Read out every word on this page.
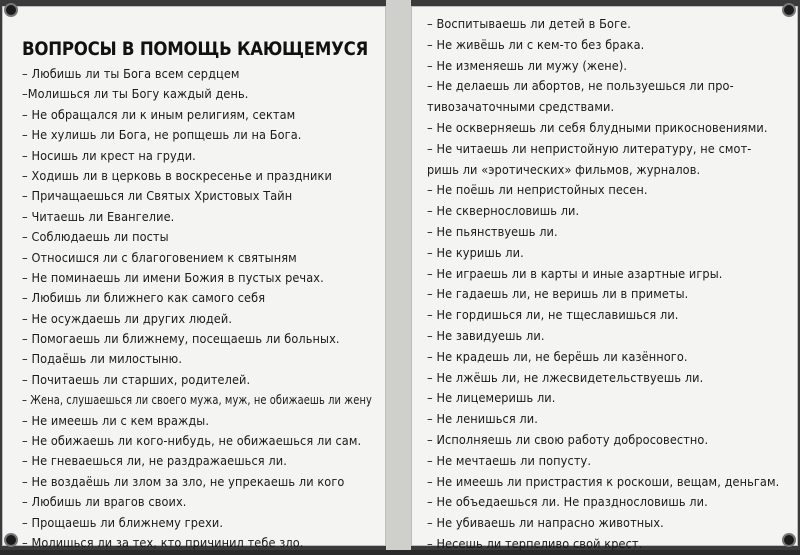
ВОПРОСЫ В ПОМОЩЬ КАЮЩЕМУСЯ
– Любишь ли ты Бога всем сердцем
–Молишься ли ты Богу каждый день.
– Не обращался ли к иным религиям, сектам
– Не хулишь ли Бога, не ропщешь ли на Бога.
– Носишь ли крест на груди.
– Ходишь ли в церковь в воскресенье и праздники
– Причащаешься ли Святых Христовых Тайн
– Читаешь ли Евангелие.
– Соблюдаешь ли посты
– Относишся ли с благоговением к святыням
– Не поминаешь ли имени Божия в пустых речах.
– Любишь ли ближнего как самого себя
– Не осуждаешь ли других людей.
– Помогаешь ли ближнему, посещаешь ли больных.
– Подаёшь ли милостыню.
– Почитаешь ли старших, родителей.
– Жена, слушаешься ли своего мужа, муж, не обижаешь ли жену
– Не имеешь ли с кем вражды.
– Не обижаешь ли кого-нибудь, не обижаешься ли сам.
– Не гневаешься ли, не раздражаешься ли.
– Не воздаёшь ли злом за зло, не упрекаешь ли кого
– Любишь ли врагов своих.
– Прощаешь ли ближнему грехи.
– Молишься ли за тех, кто причинил тебе зло.
– Воспитываешь ли детей в Боге.
– Не живёшь ли с кем-то без брака.
– Не изменяешь ли мужу (жене).
– Не делаешь ли абортов, не пользуешься ли про-
тивозачаточными средствами.
– Не оскверняешь ли себя блудными прикосновениями.
– Не читаешь ли непристойную литературу, не смот-
ришь ли «эротических» фильмов, журналов.
– Не поёшь ли непристойных песен.
– Не сквернословишь ли.
– Не пьянствуешь ли.
– Не куришь ли.
– Не играешь ли в карты и иные азартные игры.
– Не гадаешь ли, не веришь ли в приметы.
– Не гордишься ли, не тщеславишься ли.
– Не завидуешь ли.
– Не крадешь ли, не берёшь ли казённого.
– Не лжёшь ли, не лжесвидетельствуешь ли.
– Не лицемеришь ли.
– Не ленишься ли.
– Исполняешь ли свою работу добросовестно.
– Не мечтаешь ли попусту.
– Не имеешь ли пристрастия к роскоши, вещам, деньгам.
– Не объедаешься ли. Не празднословишь ли.
– Не убиваешь ли напрасно животных.
– Несешь ли терпеливо свой крест.
